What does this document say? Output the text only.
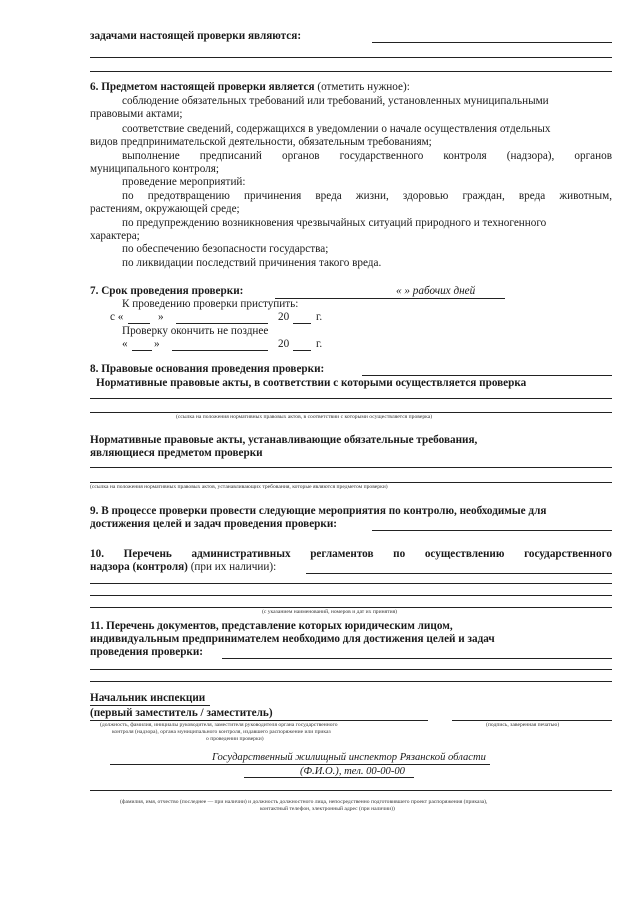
задачами настоящей проверки являются:
6. Предметом настоящей проверки является (отметить нужное):
соблюдение обязательных требований или требований, установленных муниципальными
правовыми актами;
соответствие сведений, содержащихся в уведомлении о начале осуществления отдельных
видов предпринимательской деятельности, обязательным требованиям;
выполнение предписаний органов государственного контроля (надзора), органов
муниципального контроля;
проведение мероприятий:
по предотвращению причинения вреда жизни, здоровью граждан, вреда животным,
растениям, окружающей среде;
по предупреждению возникновения чрезвычайных ситуаций природного и техногенного
характера;
по обеспечению безопасности государства;
по ликвидации последствий причинения такого вреда.
7. Срок проведения проверки:	« » рабочих дней
К проведению проверки приступить:
с «	»	20 г.
Проверку окончить не позднее
« »	20 г.
8. Правовые основания проведения проверки:
Нормативные правовые акты, в соответствии с которыми осуществляется проверка
(ссылка на положения нормативных правовых актов, в соответствии с которыми осуществляется проверка)
Нормативные правовые акты, устанавливающие обязательные требования,
являющиеся предметом проверки
(ссылка на положения нормативных правовых актов, устанавливающих требования, которые являются предметом проверки)
9. В процессе проверки провести следующие мероприятия по контролю, необходимые для
достижения целей и задач проведения проверки:
10. Перечень административных регламентов по осуществлению государственного
надзора (контроля) (при их наличии):
(с указанием наименований, номеров и дат их принятия)
11. Перечень документов, представление которых юридическим лицом,
индивидуальным предпринимателем необходимо для достижения целей и задач
проведения проверки:
Начальник инспекции
(первый заместитель / заместитель)
(должность, фамилия, инициалы руководителя, заместителя руководителя органа государственного
контроля (надзора), органа муниципального контроля, издавшего распоряжение или приказ
о проведении проверки)
(подпись, заверенная печатью)
Государственный жилищный инспектор Рязанской области
(Ф.И.О.), тел. 00-00-00
(фамилия, имя, отчество (последнее — при наличии) и должность должностного лица, непосредственно подготовившего проект распоряжения (приказа),
контактный телефон, электронный адрес (при наличии))
